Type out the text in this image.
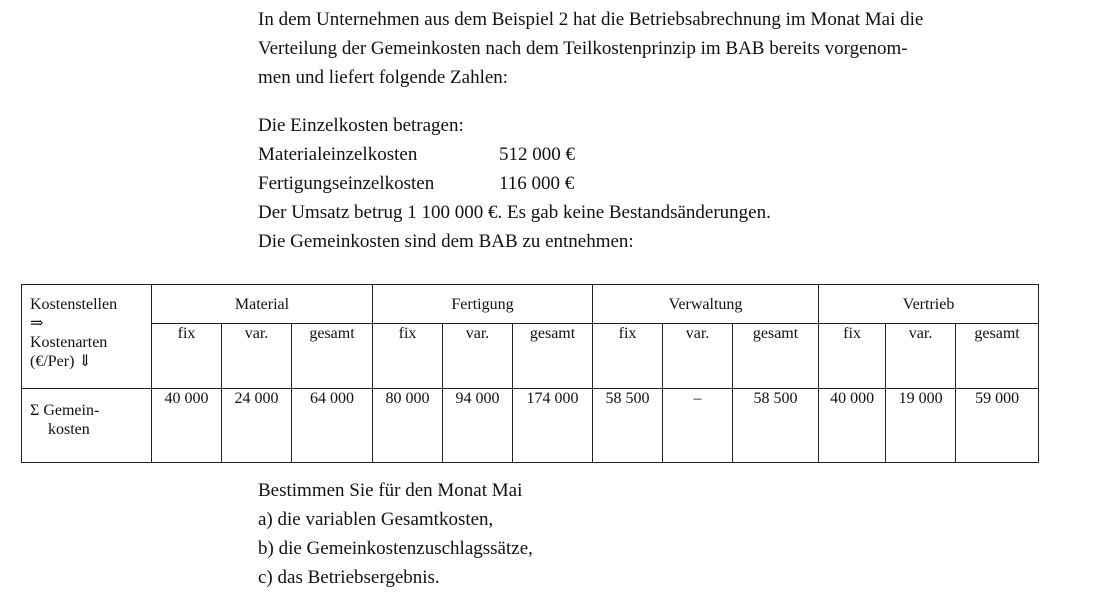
In dem Unternehmen aus dem Beispiel 2 hat die Betriebsabrechnung im Monat Mai die

Verteilung der Gemeinkosten nach dem Teilkostenprinzip im BAB bereits vorgenom-

men und liefert folgende Zahlen:

Die Einzelkosten betragen:

Materialeinzelkosten	512 000 €
Fertigungseinzelkosten	116 000 €

Der Umsatz betrug 1 100 000 €. Es gab keine Bestandsänderungen.

Die Gemeinkosten sind dem BAB zu entnehmen:

Kostenstellen
⇒
Kostenarten
(€/Per) ⇓	Material			Fertigung			Verwaltung			Vertrieb		
	fix	var.	gesamt	fix	var.	gesamt	fix	var.	gesamt	fix	var.	gesamt

Σ Gemein-
kosten	40 000	24 000	64 000	80 000	94 000	174 000	58 500	–	58 500	40 000	19 000	59 000

Bestimmen Sie für den Monat Mai

a) die variablen Gesamtkosten,

b) die Gemeinkostenzuschlagssätze,

c) das Betriebsergebnis.
